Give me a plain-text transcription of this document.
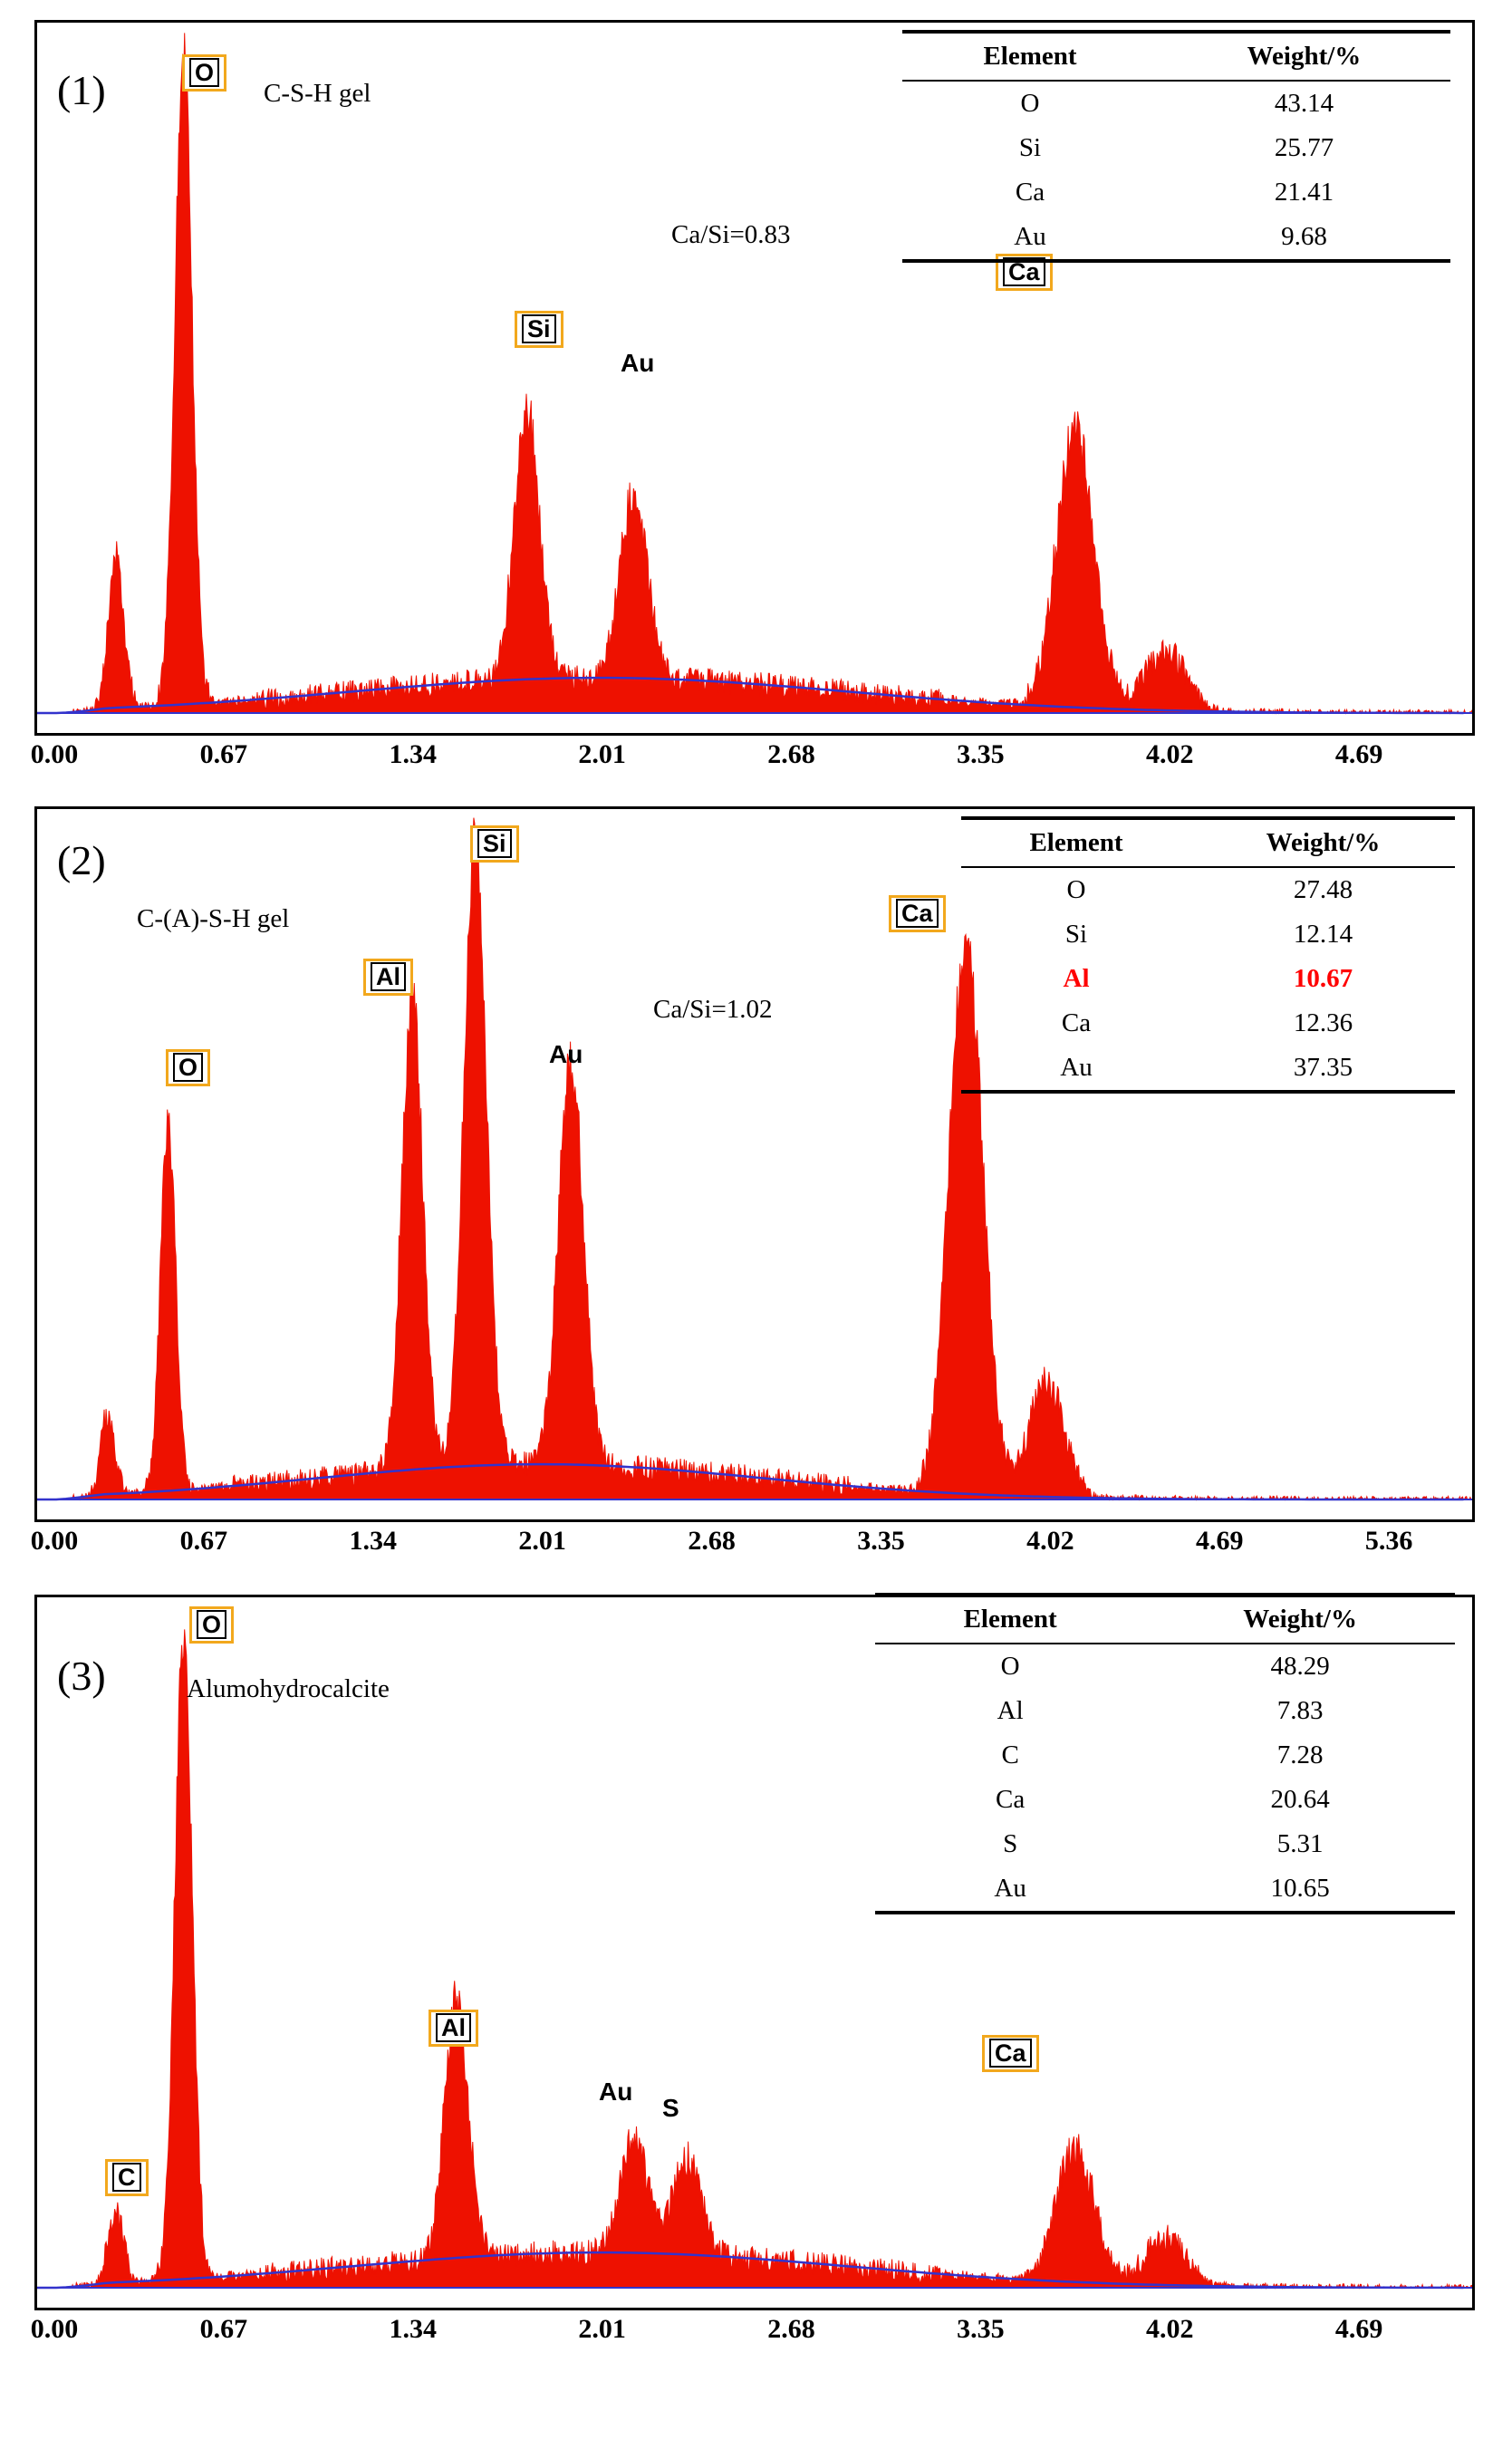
(1)	C-S-H gel
Ca/Si=0.83
O
Si
Au
Ca
Element	Weight/%
O	43.14
Si	25.77
Ca	21.41
Au	9.68
0.00	0.67	1.34	2.01	2.68	3.35	4.02	4.69
(2)
C-(A)-S-H gel
Ca/Si=1.02
O
Al
Si
Au
Ca
Element	Weight/%
O	27.48
Si	12.14
Al	10.67
Ca	12.36
Au	37.35
0.00	0.67	1.34	2.01	2.68	3.35	4.02	4.69	5.36
(3)	Alumohydrocalcite
C
O
Al
Au
S
Ca
Element	Weight/%
O	48.29
Al	7.83
C	7.28
Ca	20.64
S	5.31
Au	10.65
0.00	0.67	1.34	2.01	2.68	3.35	4.02	4.69
